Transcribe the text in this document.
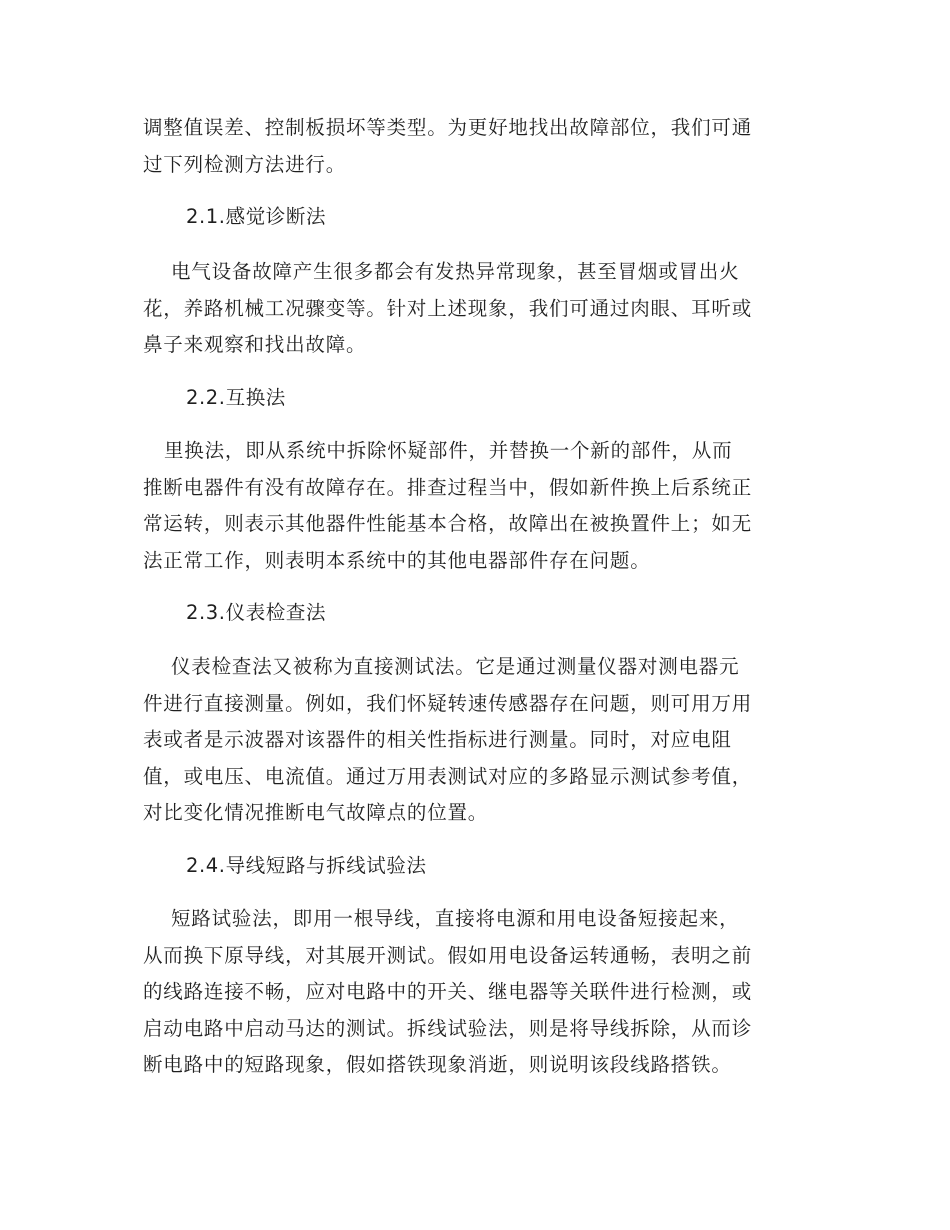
调整值误差、控制板损坏等类型。为更好地找出故障部位，我们可通
过下列检测方法进行。
2.1.感觉诊断法
电气设备故障产生很多都会有发热异常现象，甚至冒烟或冒出火
花，养路机械工况骤变等。针对上述现象，我们可通过肉眼、耳听或
鼻子来观察和找出故障。
2.2.互换法
里换法，即从系统中拆除怀疑部件，并替换一个新的部件，从而
推断电器件有没有故障存在。排查过程当中，假如新件换上后系统正
常运转，则表示其他器件性能基本合格，故障出在被换置件上；如无
法正常工作，则表明本系统中的其他电器部件存在问题。
2.3.仪表检查法
仪表检查法又被称为直接测试法。它是通过测量仪器对测电器元
件进行直接测量。例如，我们怀疑转速传感器存在问题，则可用万用
表或者是示波器对该器件的相关性指标进行测量。同时，对应电阻
值，或电压、电流值。通过万用表测试对应的多路显示测试参考值，
对比变化情况推断电气故障点的位置。
2.4.导线短路与拆线试验法
短路试验法，即用一根导线，直接将电源和用电设备短接起来，
从而换下原导线，对其展开测试。假如用电设备运转通畅，表明之前
的线路连接不畅，应对电路中的开关、继电器等关联件进行检测，或
启动电路中启动马达的测试。拆线试验法，则是将导线拆除，从而诊
断电路中的短路现象，假如搭铁现象消逝，则说明该段线路搭铁。
